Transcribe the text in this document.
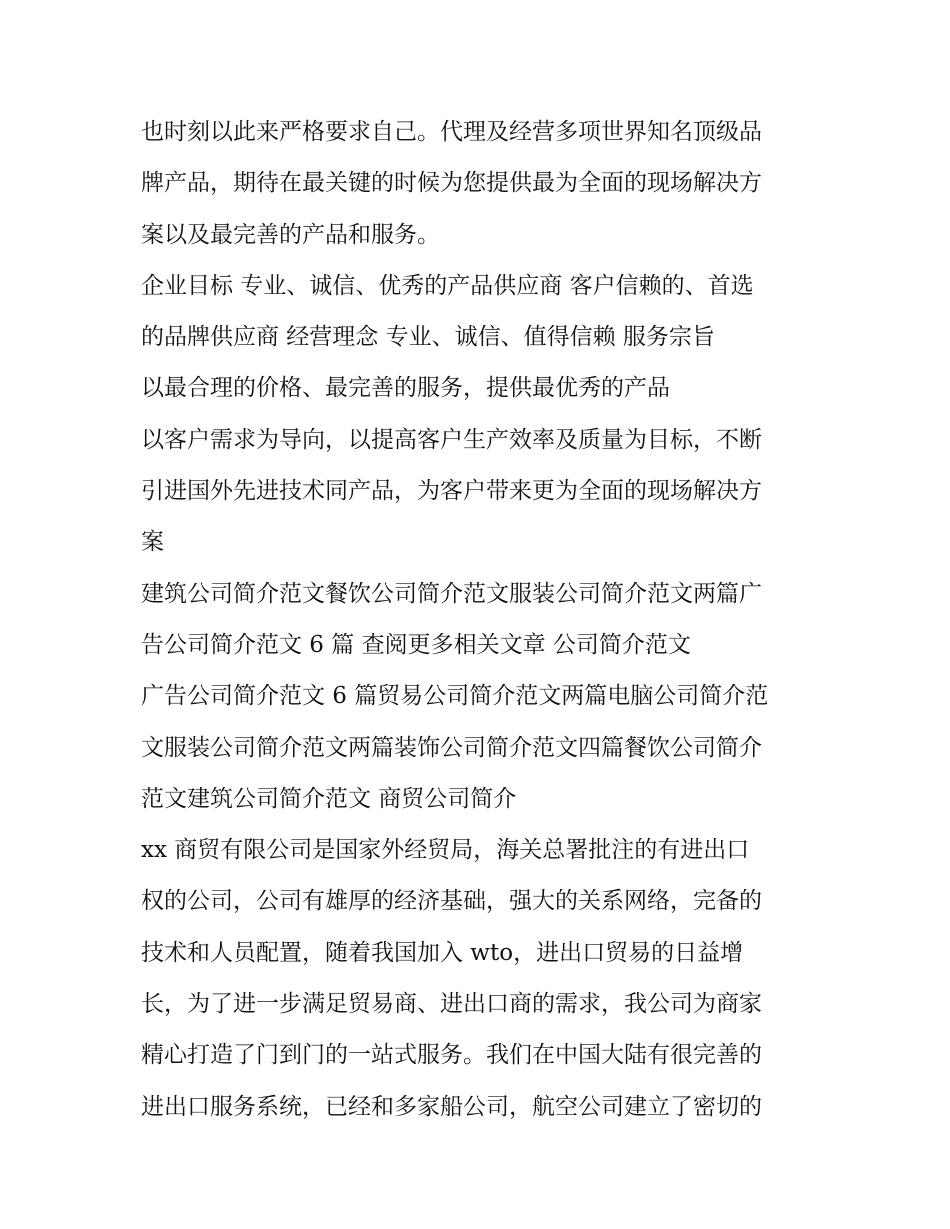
也时刻以此来严格要求自己。代理及经营多项世界知名顶级品

牌产品，期待在最关键的时候为您提供最为全面的现场解决方

案以及最完善的产品和服务。

企业目标 专业、诚信、优秀的产品供应商 客户信赖的、首选

的品牌供应商 经营理念 专业、诚信、值得信赖 服务宗旨

以最合理的价格、最完善的服务，提供最优秀的产品

以客户需求为导向，以提高客户生产效率及质量为目标，不断

引进国外先进技术同产品，为客户带来更为全面的现场解决方

案

建筑公司简介范文餐饮公司简介范文服装公司简介范文两篇广

告公司简介范文 6 篇 查阅更多相关文章 公司简介范文

广告公司简介范文 6 篇贸易公司简介范文两篇电脑公司简介范

文服装公司简介范文两篇装饰公司简介范文四篇餐饮公司简介

范文建筑公司简介范文 商贸公司简介

xx 商贸有限公司是国家外经贸局，海关总署批注的有进出口

权的公司，公司有雄厚的经济基础，强大的关系网络，完备的

技术和人员配置，随着我国加入 wto，进出口贸易的日益增

长，为了进一步满足贸易商、进出口商的需求，我公司为商家

精心打造了门到门的一站式服务。我们在中国大陆有很完善的

进出口服务系统，已经和多家船公司，航空公司建立了密切的
